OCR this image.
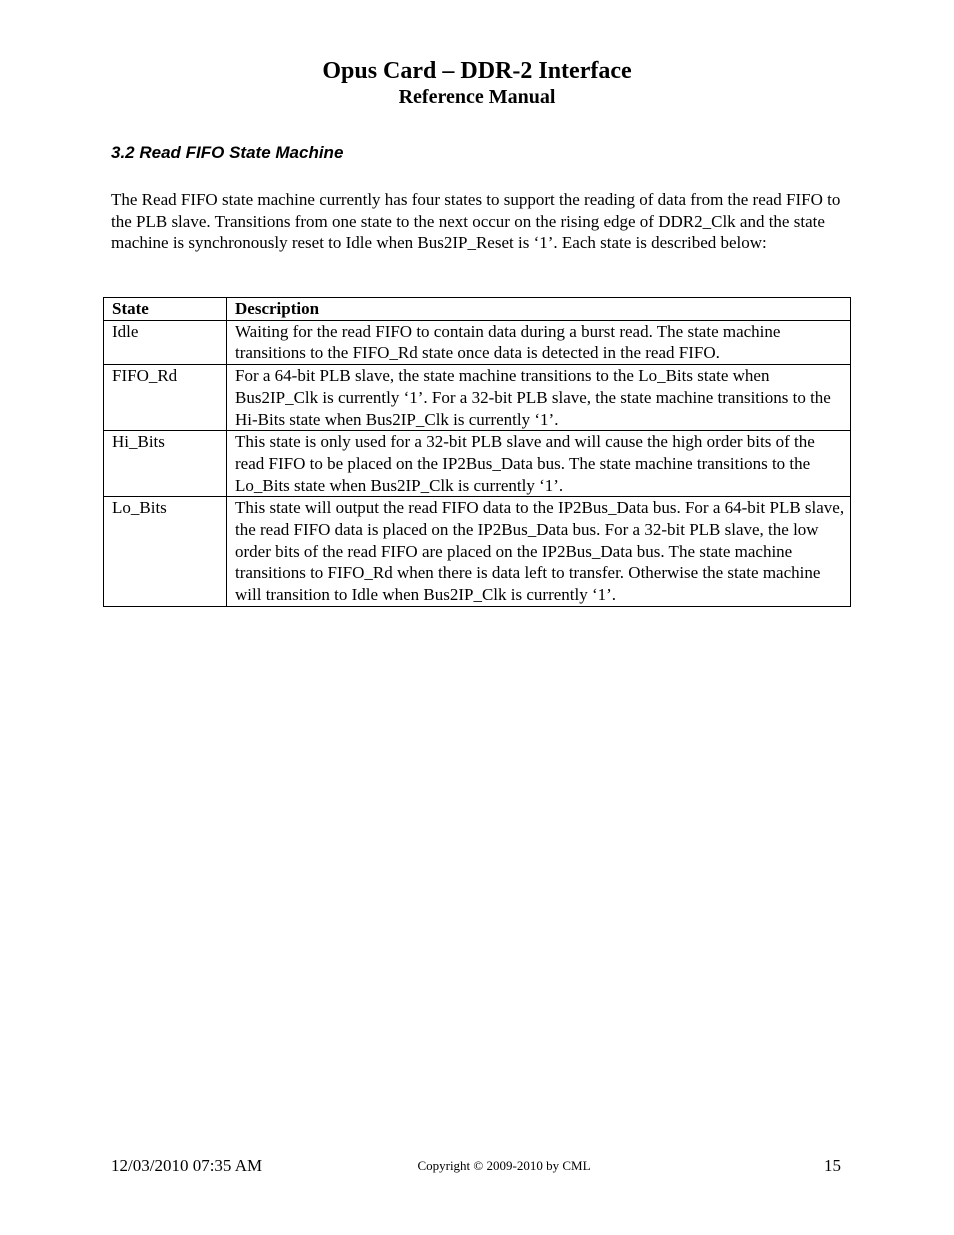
Opus Card – DDR-2 Interface

Reference Manual

3.2 Read FIFO State Machine

The Read FIFO state machine currently has four states to support the reading of data from the read FIFO to the PLB slave. Transitions from one state to the next occur on the rising edge of DDR2_Clk and the state machine is synchronously reset to Idle when Bus2IP_Reset is ‘1’. Each state is described below:

State	Description
Idle	Waiting for the read FIFO to contain data during a burst read. The state machine transitions to the FIFO_Rd state once data is detected in the read FIFO.
FIFO_Rd	For a 64-bit PLB slave, the state machine transitions to the Lo_Bits state when Bus2IP_Clk is currently ‘1’. For a 32-bit PLB slave, the state machine transitions to the Hi-Bits state when Bus2IP_Clk is currently ‘1’.
Hi_Bits	This state is only used for a 32-bit PLB slave and will cause the high order bits of the read FIFO to be placed on the IP2Bus_Data bus. The state machine transitions to the Lo_Bits state when Bus2IP_Clk is currently ‘1’.
Lo_Bits	This state will output the read FIFO data to the IP2Bus_Data bus. For a 64-bit PLB slave, the read FIFO data is placed on the IP2Bus_Data bus. For a 32-bit PLB slave, the low order bits of the read FIFO are placed on the IP2Bus_Data bus. The state machine transitions to FIFO_Rd when there is data left to transfer. Otherwise the state machine will transition to Idle when Bus2IP_Clk is currently ‘1’.
12/03/2010 07:35 AM	Copyright © 2009-2010 by CML	15
